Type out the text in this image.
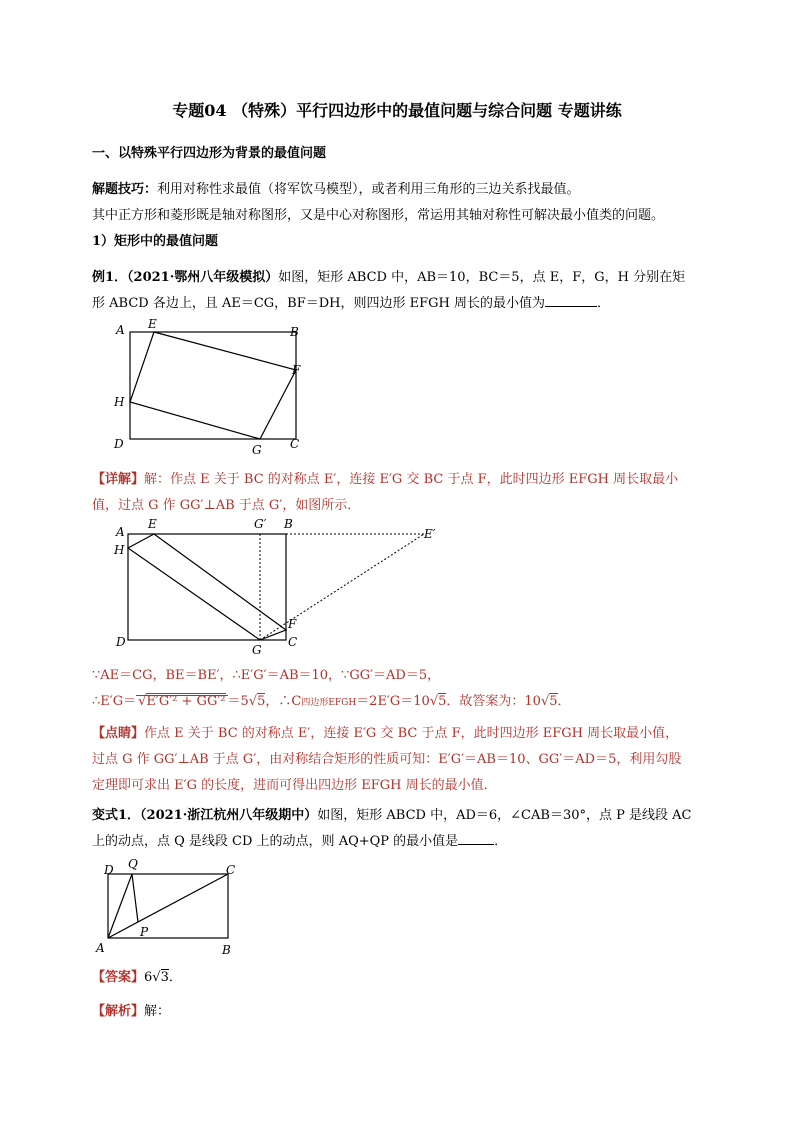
专题04 （特殊）平行四边形中的最值问题与综合问题 专题讲练
一、以特殊平行四边形为背景的最值问题
解题技巧：利用对称性求最值（将军饮马模型），或者利用三角形的三边关系找最值。
其中正方形和菱形既是轴对称图形，又是中心对称图形，常运用其轴对称性可解决最小值类的问题。
1）矩形中的最值问题
例1．（2021·鄂州八年级模拟）如图，矩形 ABCD 中，AB＝10，BC＝5，点 E，F，G，H 分别在矩
形 ABCD 各边上，且 AE＝CG，BF＝DH，则四边形 EFGH 周长的最小值为	．
A E
B
F
H
D	G C
【详解】解：作点 E 关于 BC 的对称点 E′，连接 E′G 交 BC 于点 F，此时四边形 EFGH 周长取最小
值，过点 G 作 GG′⊥AB 于点 G′，如图所示．
A
E	G′ B
E′
H
F
D
G
C
∵AE＝CG，BE＝BE′，∴E′G′＝AB＝10，∵GG′＝AD＝5，
∴E′G＝ √E′G′² + GG′² ＝5√5，∴C四边形EFGH＝2E′G＝10√5．故答案为：10√5．
【点睛】作点 E 关于 BC 的对称点 E′，连接 E′G 交 BC 于点 F，此时四边形 EFGH 周长取最小值，
过点 G 作 GG′⊥AB 于点 G′，由对称结合矩形的性质可知：E′G′＝AB＝10、GG′＝AD＝5，利用勾股
定理即可求出 E′G 的长度，进而可得出四边形 EFGH 周长的最小值．
变式1．（2021·浙江杭州八年级期中）如图，矩形 ABCD 中，AD＝6，∠CAB＝30°，点 P 是线段 AC
上的动点，点 Q 是线段 CD 上的动点，则 AQ+QP 的最小值是	．
D Q	C
P
A	B
【答案】6√3．
【解析】解：
